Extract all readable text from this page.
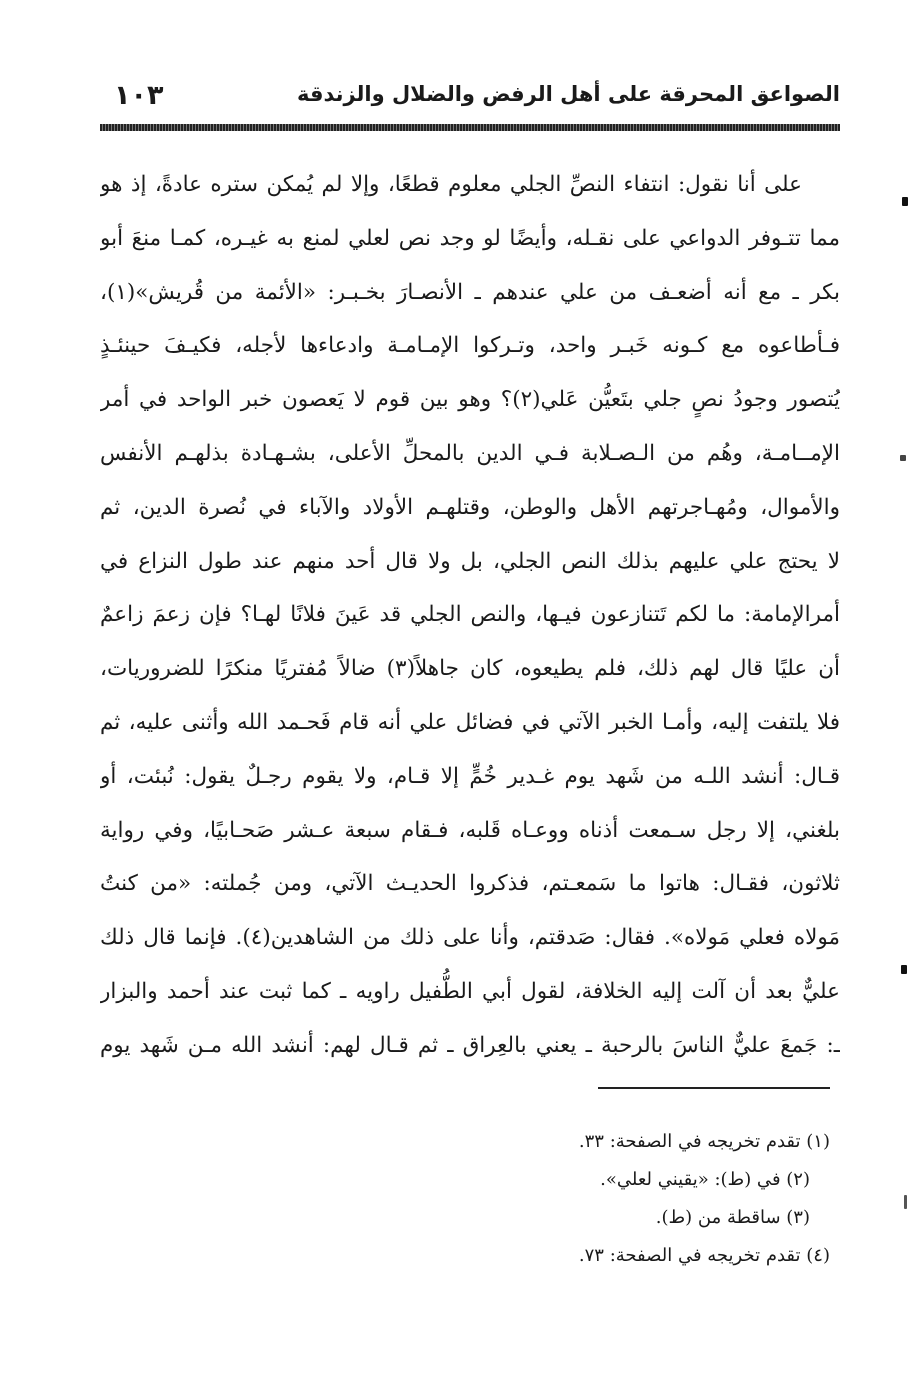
الصواعق المحرقة على أهل الرفض والضلال والزندقة
١٠٣
على أنا نقول: انتفاء النصِّ الجلي معلوم قطعًا، وإلا لم يُمكن ستره عادةً، إذ هو
مما تتـوفر الدواعي على نقـله، وأيضًا لو وجد نص لعلي لمنع به غيـره، كمـا منعَ أبو
بكر ـ مع أنه أضعـف من علي عندهم ـ الأنصـارَ بخـبـر: «الأئمة من قُريش»(١)،
فـأطاعوه مع كـونه خَبـر واحد، وتـركوا الإمـامـة وادعاءها لأجله، فكيـفَ حينئـذٍ
يُتصور وجودُ نصٍ جلي بتَعيُّن عَلي(٢)؟ وهو بين قوم لا يَعصون خبر الواحد في أمر
الإمــامـة، وهُم من الـصـلابة فـي الدين بالمحلِّ الأعلى، بشـهـادة بذلهـم الأنفس
والأموال، ومُهـاجرتهم الأهل والوطن، وقتلهـم الأولاد والآباء في نُصرة الدين، ثم
لا يحتج علي عليهم بذلك النص الجلي، بل ولا قال أحد منهم عند طول النزاع في
أمرالإمامة: ما لكم تَتنازعون فيـها، والنص الجلي قد عَينَ فلانًا لهـا؟ فإن زعمَ زاعمٌ
أن عليًا قال لهم ذلك، فلم يطيعوه، كان جاهلاً(٣) ضالاً مُفتريًا منكرًا للضروريات،
فلا يلتفت إليه، وأمـا الخبر الآتي في فضائل علي أنه قام فَحـمد الله وأثنى عليه، ثم
قـال: أنشد اللـه من شَهد يوم غـدير خُمٍّ إلا قـام، ولا يقوم رجـلٌ يقول: نُبئت، أو
بلغني، إلا رجل سـمعت أذناه ووعـاه قَلبه، فـقام سبعة عـشر صَحـابيًا، وفي رواية
ثلاثون، فقـال: هاتوا ما سَمعـتم، فذكروا الحديـث الآتي، ومن جُملته: «من كنتُ
مَولاه فعلي مَولاه». فقال: صَدقتم، وأنا على ذلك من الشاهدين(٤). فإنما قال ذلك
عليٌّ بعد أن آلت إليه الخلافة، لقول أبي الطُّفيل راويه ـ كما ثبت عند أحمد والبزار
ـ: جَمعَ عليٌّ الناسَ بالرحبة ـ يعني بالعِراق ـ ثم قـال لهم: أنشد الله مـن شَهد يوم
(١) تقدم تخريجه في الصفحة: ٣٣.
(٢) في (ط): «يقيني لعلي».
(٣) ساقطة من (ط).
(٤) تقدم تخريجه في الصفحة: ٧٣.
